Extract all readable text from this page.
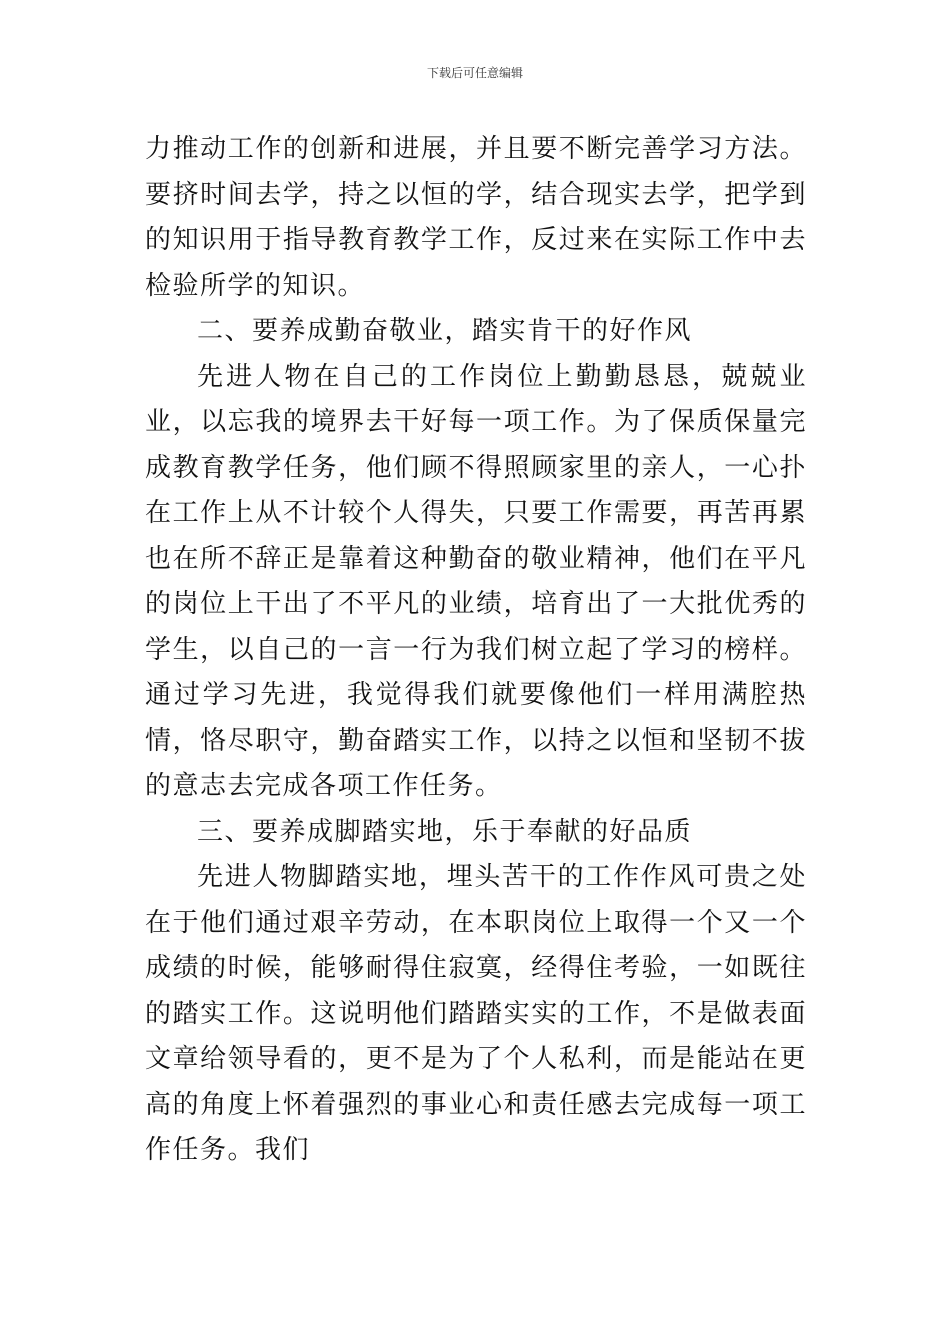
下载后可任意编辑

力推动工作的创新和进展，并且要不断完善学习方法。要挤时间去学，持之以恒的学，结合现实去学，把学到的知识用于指导教育教学工作，反过来在实际工作中去检验所学的知识。

二、要养成勤奋敬业，踏实肯干的好作风

先进人物在自己的工作岗位上勤勤恳恳，兢兢业业，以忘我的境界去干好每一项工作。为了保质保量完成教育教学任务，他们顾不得照顾家里的亲人，一心扑在工作上从不计较个人得失，只要工作需要，再苦再累也在所不辞正是靠着这种勤奋的敬业精神，他们在平凡的岗位上干出了不平凡的业绩，培育出了一大批优秀的学生，以自己的一言一行为我们树立起了学习的榜样。通过学习先进，我觉得我们就要像他们一样用满腔热情，恪尽职守，勤奋踏实工作，以持之以恒和坚韧不拔的意志去完成各项工作任务。

三、要养成脚踏实地，乐于奉献的好品质

先进人物脚踏实地，埋头苦干的工作作风可贵之处在于他们通过艰辛劳动，在本职岗位上取得一个又一个成绩的时候，能够耐得住寂寞，经得住考验，一如既往的踏实工作。这说明他们踏踏实实的工作，不是做表面文章给领导看的，更不是为了个人私利，而是能站在更高的角度上怀着强烈的事业心和责任感去完成每一项工作任务。我们
